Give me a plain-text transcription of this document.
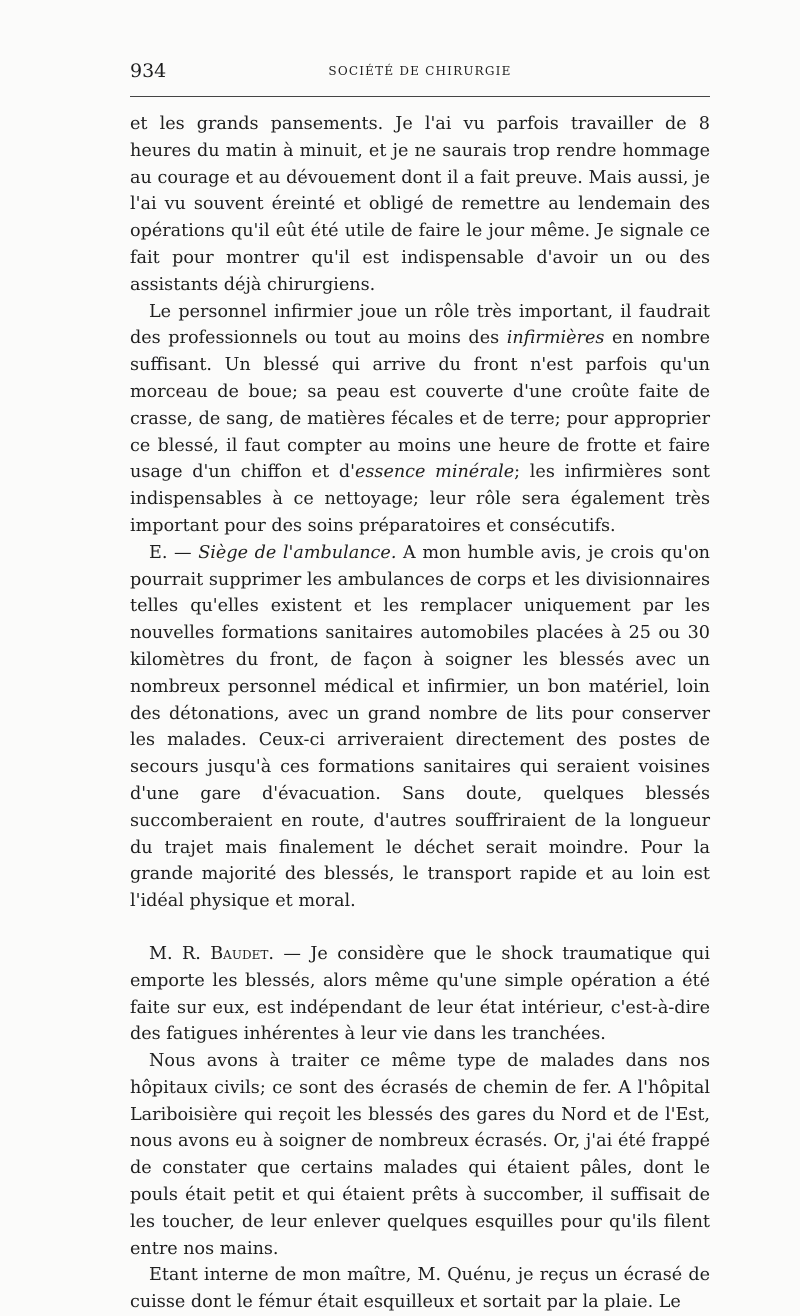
934	SOCIÉTÉ DE CHIRURGIE

et les grands pansements. Je l'ai vu parfois travailler de 8 heures du matin à minuit, et je ne saurais trop rendre hommage au courage et au dévouement dont il a fait preuve. Mais aussi, je l'ai vu souvent éreinté et obligé de remettre au lendemain des opérations qu'il eût été utile de faire le jour même. Je signale ce fait pour montrer qu'il est indispensable d'avoir un ou des assistants déjà chirurgiens.

Le personnel infirmier joue un rôle très important, il faudrait des professionnels ou tout au moins des infirmières en nombre suffisant. Un blessé qui arrive du front n'est parfois qu'un morceau de boue; sa peau est couverte d'une croûte faite de crasse, de sang, de matières fécales et de terre; pour approprier ce blessé, il faut compter au moins une heure de frotte et faire usage d'un chiffon et d'essence minérale; les infirmières sont indispensables à ce nettoyage; leur rôle sera également très important pour des soins préparatoires et consécutifs.

E. — Siège de l'ambulance. A mon humble avis, je crois qu'on pourrait supprimer les ambulances de corps et les divisionnaires telles qu'elles existent et les remplacer uniquement par les nouvelles formations sanitaires automobiles placées à 25 ou 30 kilomètres du front, de façon à soigner les blessés avec un nombreux personnel médical et infirmier, un bon matériel, loin des détonations, avec un grand nombre de lits pour conserver les malades. Ceux-ci arriveraient directement des postes de secours jusqu'à ces formations sanitaires qui seraient voisines d'une gare d'évacuation. Sans doute, quelques blessés succomberaient en route, d'autres souffriraient de la longueur du trajet mais finalement le déchet serait moindre. Pour la grande majorité des blessés, le transport rapide et au loin est l'idéal physique et moral.

M. R. Baudet. — Je considère que le shock traumatique qui emporte les blessés, alors même qu'une simple opération a été faite sur eux, est indépendant de leur état intérieur, c'est-à-dire des fatigues inhérentes à leur vie dans les tranchées.

Nous avons à traiter ce même type de malades dans nos hôpitaux civils; ce sont des écrasés de chemin de fer. A l'hôpital Lariboisière qui reçoit les blessés des gares du Nord et de l'Est, nous avons eu à soigner de nombreux écrasés. Or, j'ai été frappé de constater que certains malades qui étaient pâles, dont le pouls était petit et qui étaient prêts à succomber, il suffisait de les toucher, de leur enlever quelques esquilles pour qu'ils filent entre nos mains.

Etant interne de mon maître, M. Quénu, je reçus un écrasé de cuisse dont le fémur était esquilleux et sortait par la plaie. Le
